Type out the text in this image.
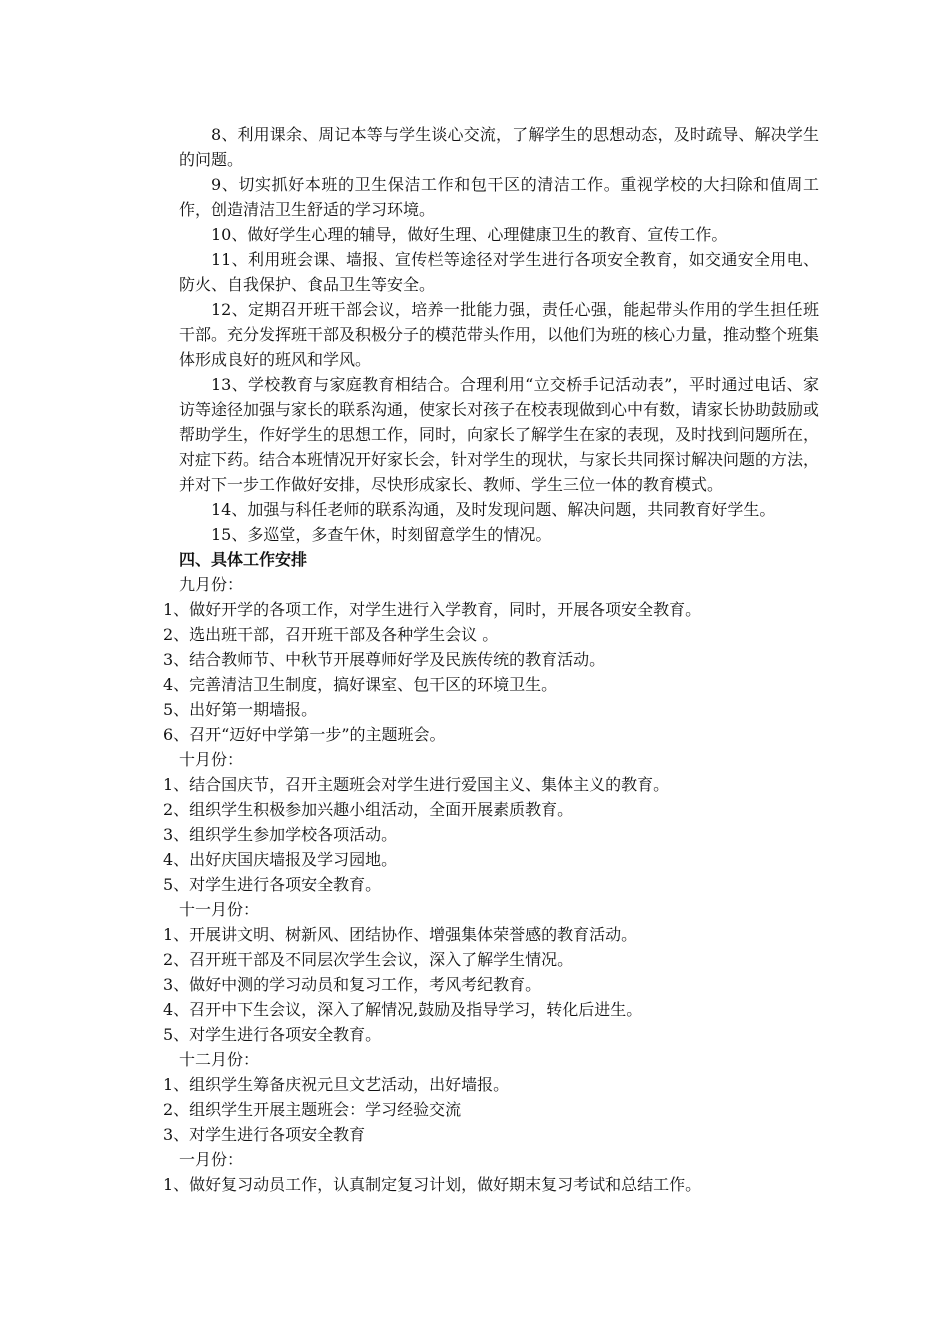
8、利用课余、周记本等与学生谈心交流，了解学生的思想动态，及时疏导、解决学生的问题。

9、切实抓好本班的卫生保洁工作和包干区的清洁工作。重视学校的大扫除和值周工作，创造清洁卫生舒适的学习环境。

10、做好学生心理的辅导，做好生理、心理健康卫生的教育、宣传工作。

11、利用班会课、墙报、宣传栏等途径对学生进行各项安全教育，如交通安全用电、防火、自我保护、食品卫生等安全。

12、定期召开班干部会议，培养一批能力强，责任心强，能起带头作用的学生担任班干部。充分发挥班干部及积极分子的模范带头作用，以他们为班的核心力量，推动整个班集体形成良好的班风和学风。

13、学校教育与家庭教育相结合。合理利用“立交桥手记活动表”，平时通过电话、家访等途径加强与家长的联系沟通，使家长对孩子在校表现做到心中有数，请家长协助鼓励或帮助学生，作好学生的思想工作，同时，向家长了解学生在家的表现，及时找到问题所在，对症下药。结合本班情况开好家长会，针对学生的现状，与家长共同探讨解决问题的方法，并对下一步工作做好安排，尽快形成家长、教师、学生三位一体的教育模式。

14、加强与科任老师的联系沟通，及时发现问题、解决问题，共同教育好学生。

15、多巡堂，多查午休，时刻留意学生的情况。

四、具体工作安排

九月份：

1、做好开学的各项工作，对学生进行入学教育，同时，开展各项安全教育。

2、选出班干部，召开班干部及各种学生会议 。

3、结合教师节、中秋节开展尊师好学及民族传统的教育活动。

4、完善清洁卫生制度，搞好课室、包干区的环境卫生。

5、出好第一期墙报。

6、召开“迈好中学第一步”的主题班会。

十月份：

1、结合国庆节，召开主题班会对学生进行爱国主义、集体主义的教育。

2、组织学生积极参加兴趣小组活动，全面开展素质教育。

3、组织学生参加学校各项活动。

4、出好庆国庆墙报及学习园地。

5、对学生进行各项安全教育。

十一月份：

1、开展讲文明、树新风、团结协作、增强集体荣誉感的教育活动。

2、召开班干部及不同层次学生会议，深入了解学生情况。

3、做好中测的学习动员和复习工作，考风考纪教育。

4、召开中下生会议，深入了解情况,鼓励及指导学习，转化后进生。

5、对学生进行各项安全教育。

十二月份：

1、组织学生筹备庆祝元旦文艺活动，出好墙报。

2、组织学生开展主题班会：学习经验交流

3、对学生进行各项安全教育

一月份：

1、做好复习动员工作，认真制定复习计划，做好期末复习考试和总结工作。
